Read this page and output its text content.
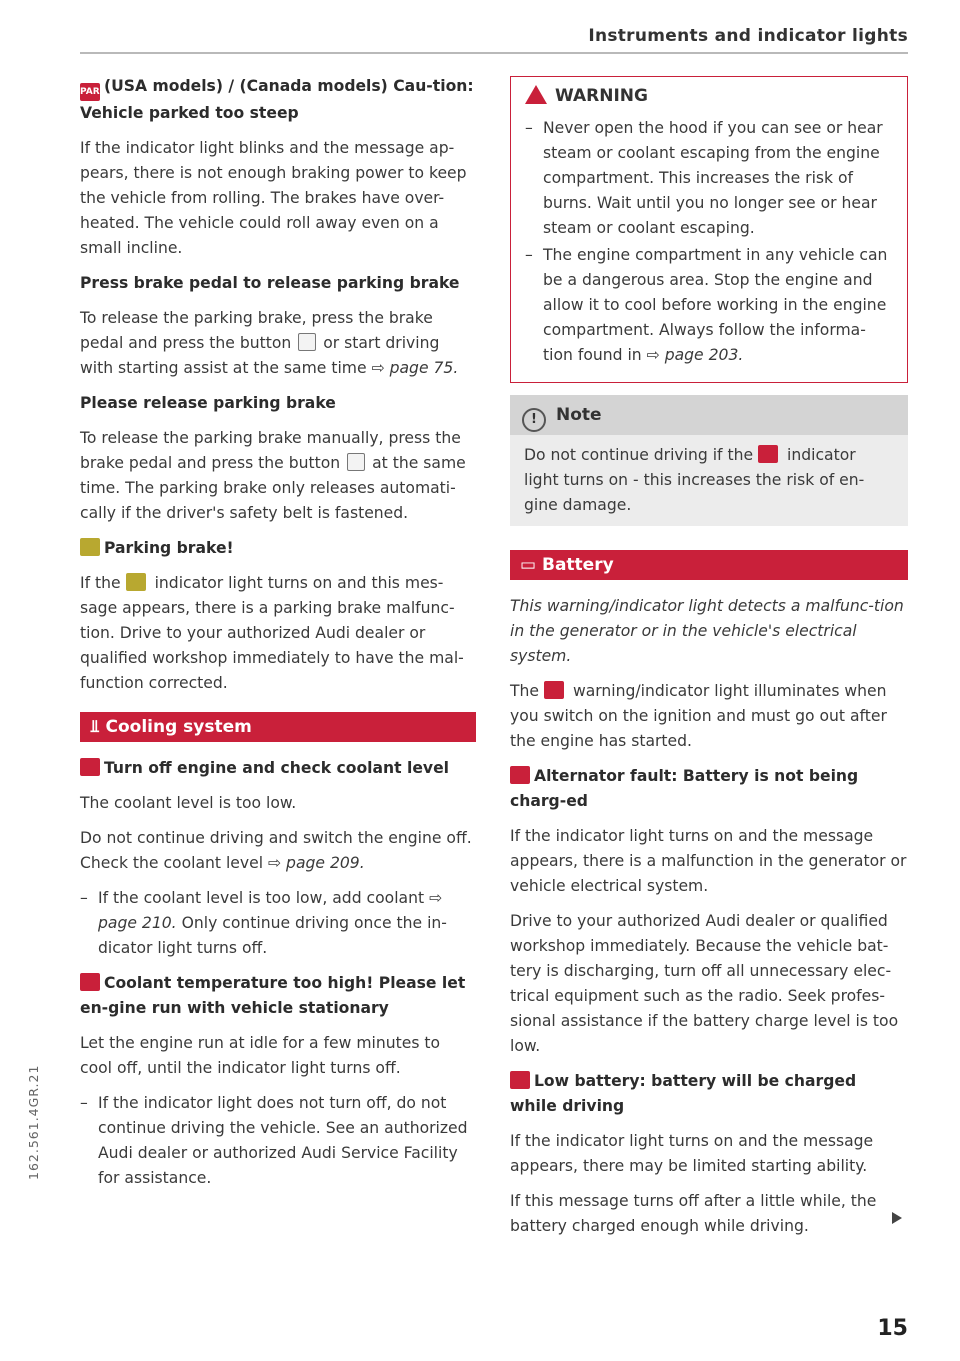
Instruments and indicator lights
162.561.4GR.21

PARK(USA models) / (Canada models) Cau-tion: Vehicle parked too steep

If the indicator light blinks and the message ap-pears, there is not enough braking power to keep the vehicle from rolling. The brakes have over-heated. The vehicle could roll away even on a small incline.

Press brake pedal to release parking brake

To release the parking brake, press the brake pedal and press the button or start driving with starting assist at the same time ⇨ page 75.

Please release parking brake

To release the parking brake manually, press the brake pedal and press the button at the same time. The parking brake only releases automati-cally if the driver's safety belt is fastened.

Parking brake!

If the indicator light turns on and this mes-sage appears, there is a parking brake malfunc-tion. Drive to your authorized Audi dealer or qualified workshop immediately to have the mal-function corrected.

⫫ Cooling system

Turn off engine and check coolant level

The coolant level is too low.

Do not continue driving and switch the engine off. Check the coolant level ⇨ page 209.

– If the coolant level is too low, add coolant ⇨ page 210. Only continue driving once the in-dicator light turns off.

Coolant temperature too high! Please let en-gine run with vehicle stationary

Let the engine run at idle for a few minutes to cool off, until the indicator light turns off.

– If the indicator light does not turn off, do not continue driving the vehicle. See an authorized Audi dealer or authorized Audi Service Facility for assistance.
WARNING
– Never open the hood if you can see or hear steam or coolant escaping from the engine compartment. This increases the risk of burns. Wait until you no longer see or hear steam or coolant escaping.
– The engine compartment in any vehicle can be a dangerous area. Stop the engine and allow it to cool before working in the engine compartment. Always follow the informa-tion found in ⇨ page 203.
! Note

Do not continue driving if the indicator light turns on - this increases the risk of en-gine damage.

▭ Battery

This warning/indicator light detects a malfunc-tion in the generator or in the vehicle's electrical system.

The warning/indicator light illuminates when you switch on the ignition and must go out after the engine has started.

Alternator fault: Battery is not being charg-ed

If the indicator light turns on and the message appears, there is a malfunction in the generator or vehicle electrical system.

Drive to your authorized Audi dealer or qualified workshop immediately. Because the vehicle bat-tery is discharging, turn off all unnecessary elec-trical equipment such as the radio. Seek profes-sional assistance if the battery charge level is too low.

Low battery: battery will be charged while driving

If the indicator light turns on and the message appears, there may be limited starting ability.

If this message turns off after a little while, the battery charged enough while driving.

15
